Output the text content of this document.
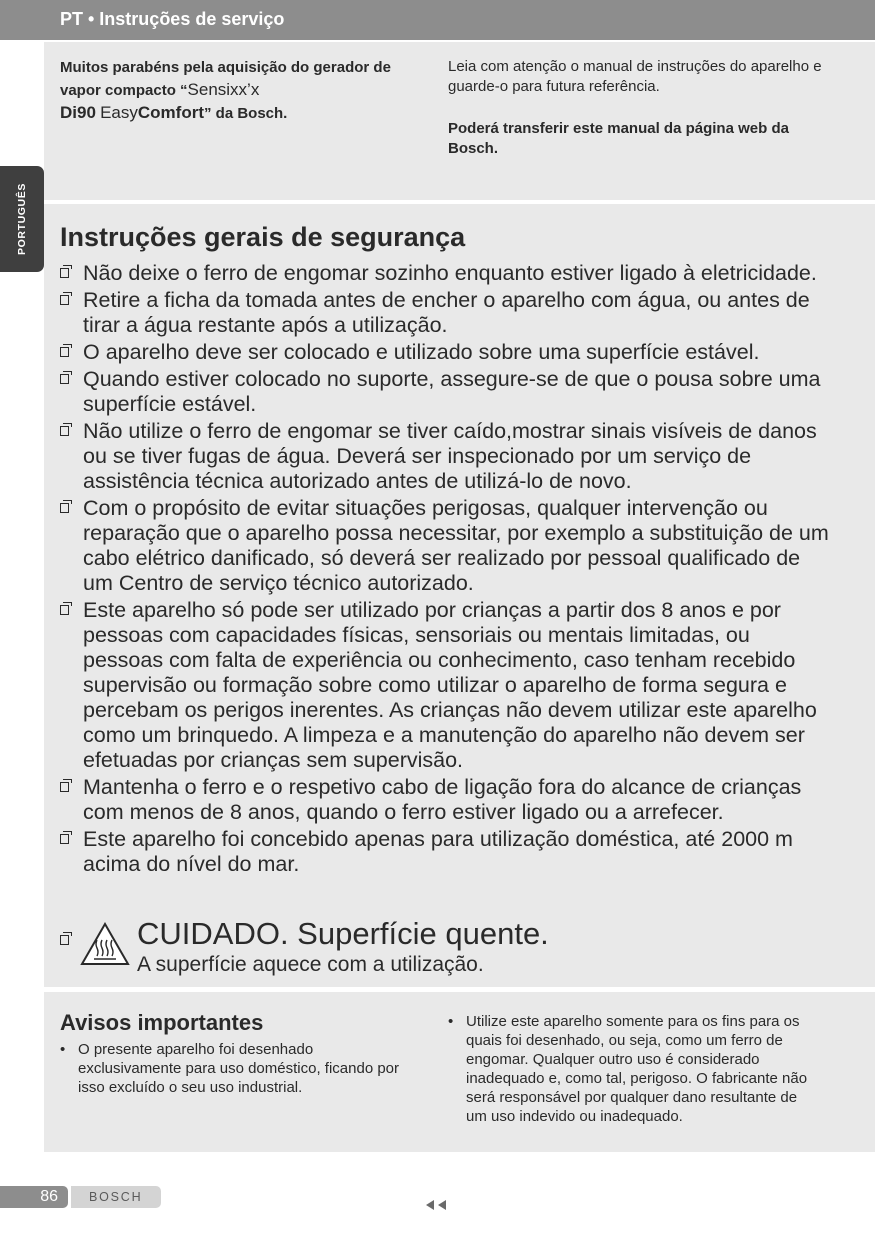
PT • Instruções de serviço
PORTUGUÊS
Muitos parabéns pela aquisição do gerador de vapor compacto “Sensixx’x
Di90 EasyComfort” da Bosch.
Leia com atenção o manual de instruções do aparelho e guarde-o para futura referência.
Poderá transferir este manual da página web da Bosch.
Instruções gerais de segurança
Não deixe o ferro de engomar sozinho enquanto estiver ligado à eletricidade.
Retire a ficha da tomada antes de encher o aparelho com água, ou antes de tirar a água restante após a utilização.
O aparelho deve ser colocado e utilizado sobre uma superfície estável.
Quando estiver colocado no suporte, assegure-se de que o pousa sobre uma superfície estável.
Não utilize o ferro de engomar se tiver caído,mostrar sinais visíveis de danos ou se tiver fugas de água. Deverá ser inspecionado por um serviço de assistência técnica autorizado antes de utilizá-lo de novo.
Com o propósito de evitar situações perigosas, qualquer intervenção ou reparação que o aparelho possa necessitar, por exemplo a substituição de um cabo elétrico danificado, só deverá ser realizado por pessoal qualificado de um Centro de serviço técnico autorizado.
Este aparelho só pode ser utilizado por crianças a partir dos 8 anos e por pessoas com capacidades físicas, sensoriais ou mentais limitadas, ou pessoas com falta de experiência ou conhecimento, caso tenham recebido supervisão ou formação sobre como utilizar o aparelho de forma segura e percebam os perigos inerentes. As crianças não devem utilizar este aparelho como um brinquedo. A limpeza e a manutenção do aparelho não devem ser efetuadas por crianças sem supervisão.
Mantenha o ferro e o respetivo cabo de ligação fora do alcance de crianças com menos de 8 anos, quando o ferro estiver ligado ou a arrefecer.
Este aparelho foi concebido apenas para utilização doméstica, até 2000 m acima do nível do mar.
CUIDADO. Superfície quente.
A superfície aquece com a utilização.
Avisos importantes
• O presente aparelho foi desenhado exclusivamente para uso doméstico, ficando por isso excluído o seu uso industrial.
• Utilize este aparelho somente para os fins para os quais foi desenhado, ou seja, como um ferro de engomar. Qualquer outro uso é considerado inadequado e, como tal, perigoso. O fabricante não será responsável por qualquer dano resultante de um uso indevido ou inadequado.
86 BOSCH
